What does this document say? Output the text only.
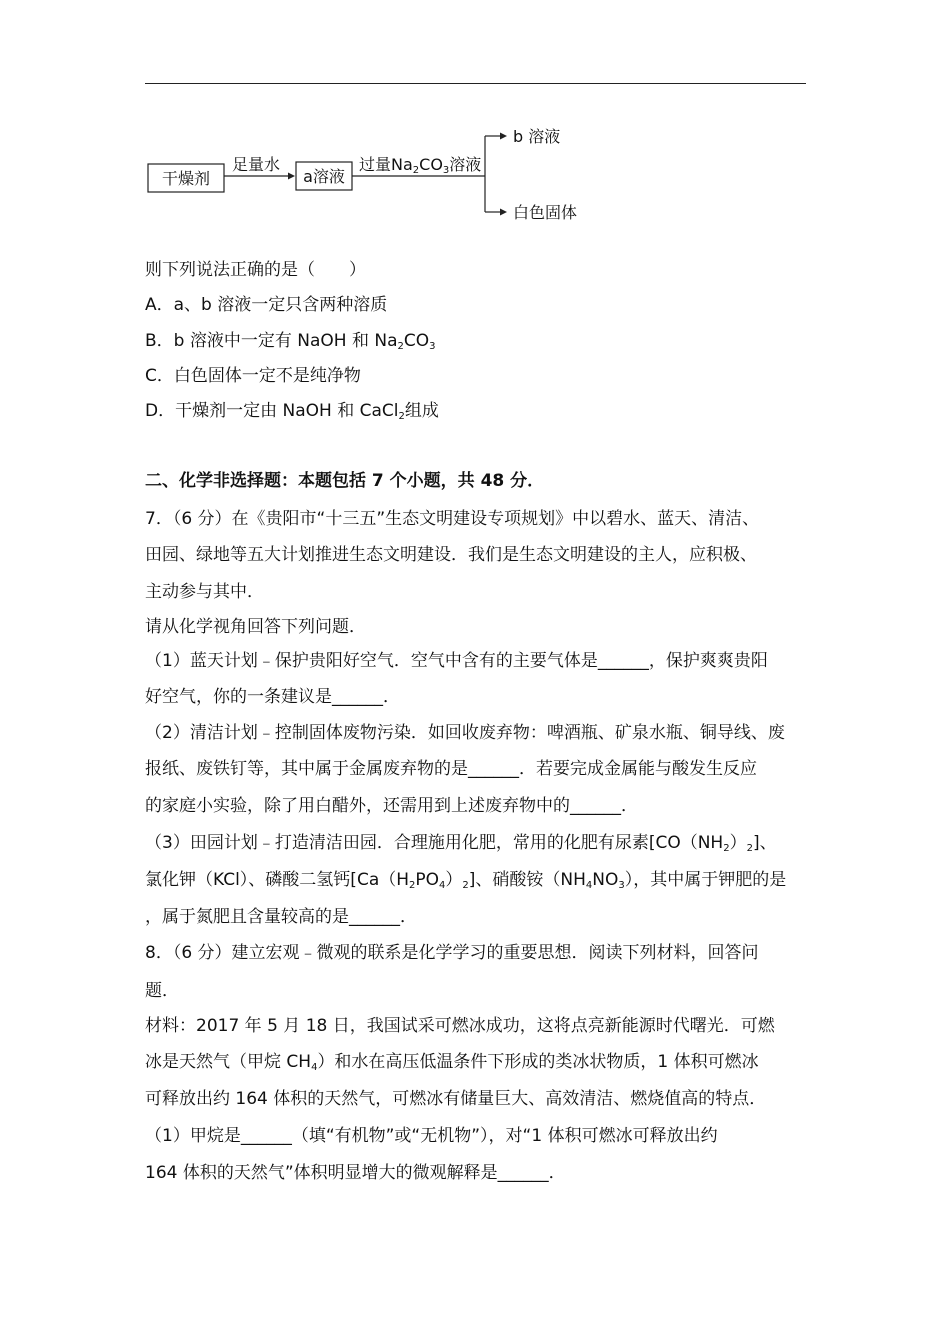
干燥剂
足量水
a溶液
过量Na2CO3溶液
b 溶液
白色固体
则下列说法正确的是（　　）
A．a、b 溶液一定只含两种溶质
B．b 溶液中一定有 NaOH 和 $Na_2CO_3$
C．白色固体一定不是纯净物
D．干燥剂一定由 NaOH 和 CaCl$_2$组成
二、化学非选择题：本题包括 7 个小题，共 48 分．
7．（6 分）在《贵阳市“十三五”生态文明建设专项规划》中以碧水、蓝天、清洁、
田园、绿地等五大计划推进生态文明建设．我们是生态文明建设的主人，应积极、
主动参与其中．
请从化学视角回答下列问题．
（1）蓝天计划﹣保护贵阳好空气．空气中含有的主要气体是______，保护爽爽贵阳
好空气，你的一条建议是______．
（2）清洁计划﹣控制固体废物污染．如回收废弃物：啤酒瓶、矿泉水瓶、铜导线、废
报纸、废铁钉等，其中属于金属废弃物的是______．若要完成金属能与酸发生反应
的家庭小实验，除了用白醋外，还需用到上述废弃物中的______．
（3）田园计划﹣打造清洁田园．合理施用化肥，常用的化肥有尿素$[CO(NH_2)_2]$、
氯化钾（KCl）、磷酸二氢钙$[Ca(H_2PO_4)_2]$、硝酸铵$(NH_4NO_3)$，其中属于钾肥的是
，属于氮肥且含量较高的是______．
8．（6 分）建立宏观﹣微观的联系是化学学习的重要思想．阅读下列材料，回答问
题．
材料：2017 年 5 月 18 日，我国试采可燃冰成功，这将点亮新能源时代曙光．可燃
冰是天然气（甲烷 $CH_4$）和水在高压低温条件下形成的类冰状物质，1 体积可燃冰
可释放出约 164 体积的天然气，可燃冰有储量巨大、高效清洁、燃烧值高的特点．
（1）甲烷是______（填“有机物”或“无机物”），对“1 体积可燃冰可释放出约
164 体积的天然气”体积明显增大的微观解释是______．
